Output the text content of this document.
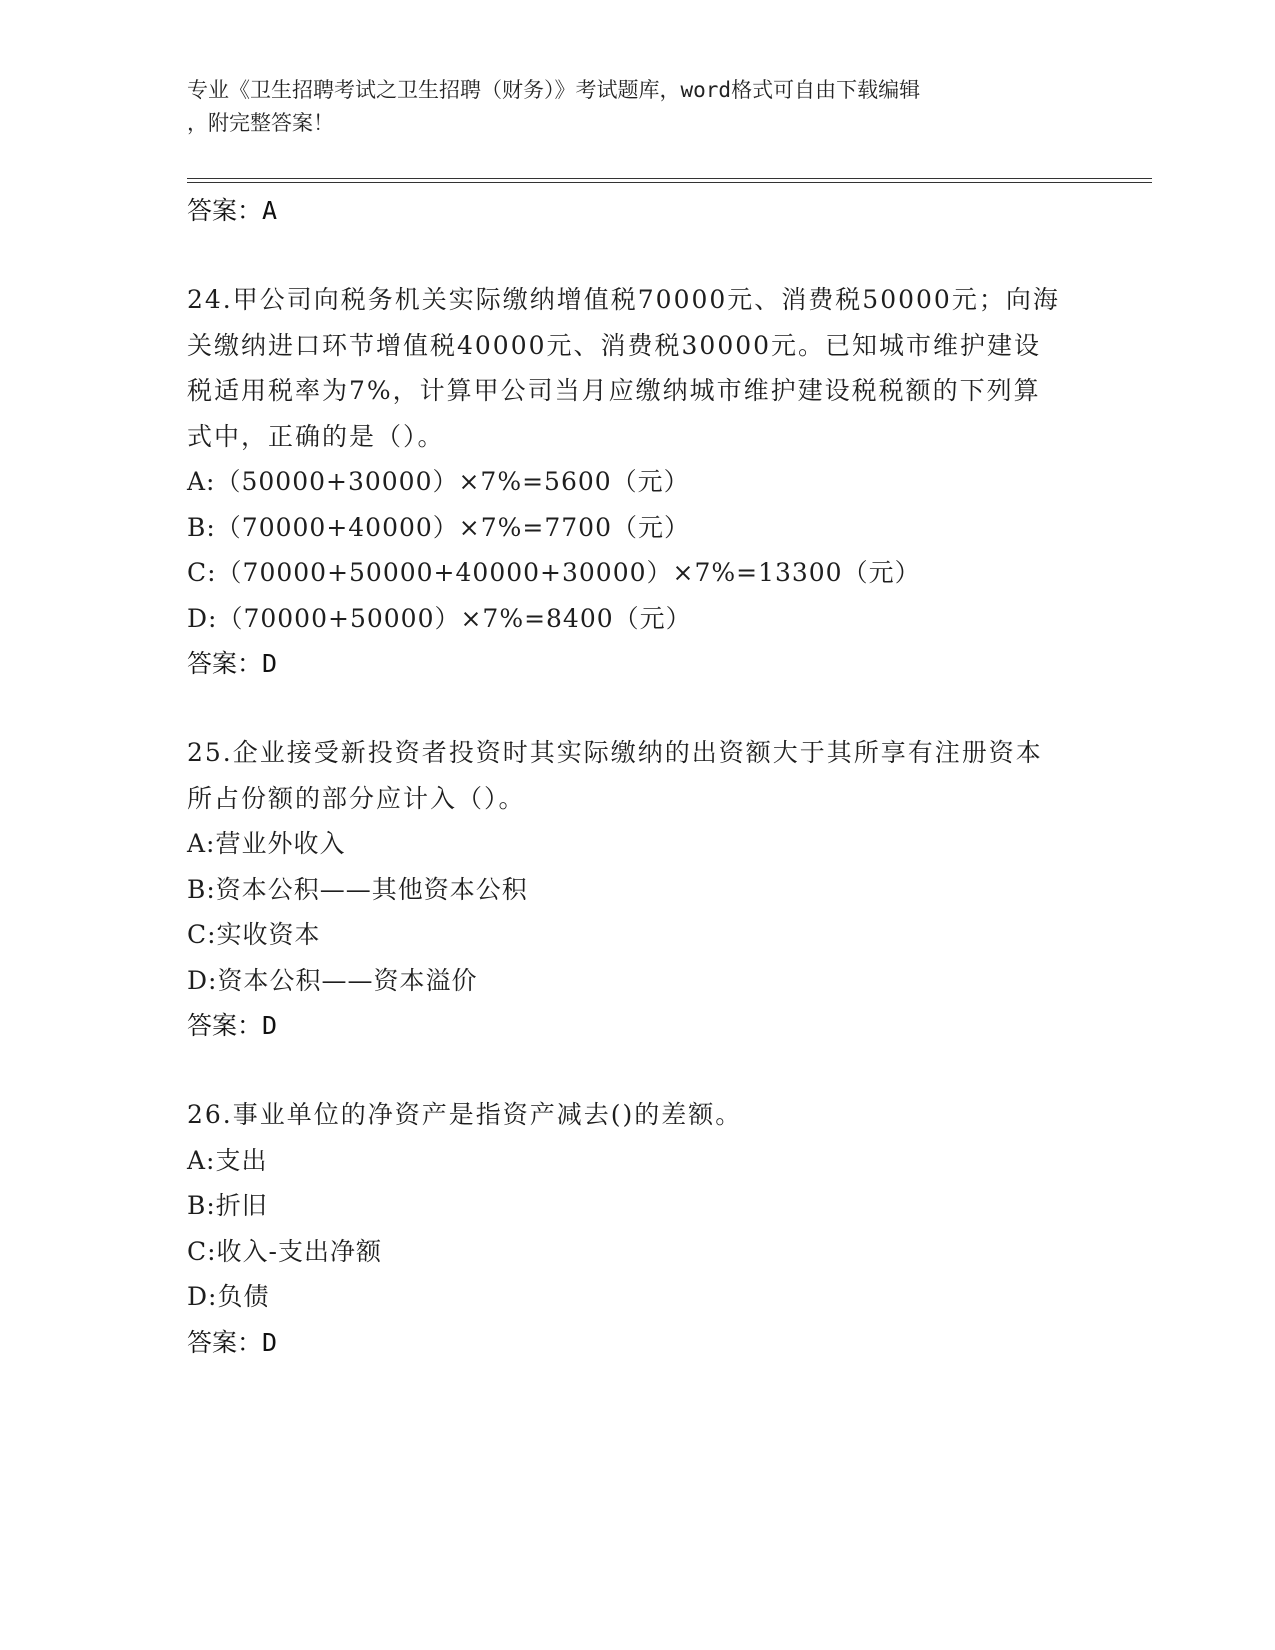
专业《卫生招聘考试之卫生招聘（财务）》考试题库，word格式可自由下载编辑
，附完整答案！
答案：A
24.甲公司向税务机关实际缴纳增值税70000元、消费税50000元；向海关缴纳进口环节增值税40000元、消费税30000元。已知城市维护建设税适用税率为7%，计算甲公司当月应缴纳城市维护建设税税额的下列算式中，正确的是（）。
A:（50000+30000）×7%=5600（元）
B:（70000+40000）×7%=7700（元）
C:（70000+50000+40000+30000）×7%=13300（元）
D:（70000+50000）×7%=8400（元）
答案：D
25.企业接受新投资者投资时其实际缴纳的出资额大于其所享有注册资本所占份额的部分应计入（）。
A:营业外收入
B:资本公积——其他资本公积
C:实收资本
D:资本公积——资本溢价
答案：D
26.事业单位的净资产是指资产减去()的差额。
A:支出
B:折旧
C:收入-支出净额
D:负债
答案：D
